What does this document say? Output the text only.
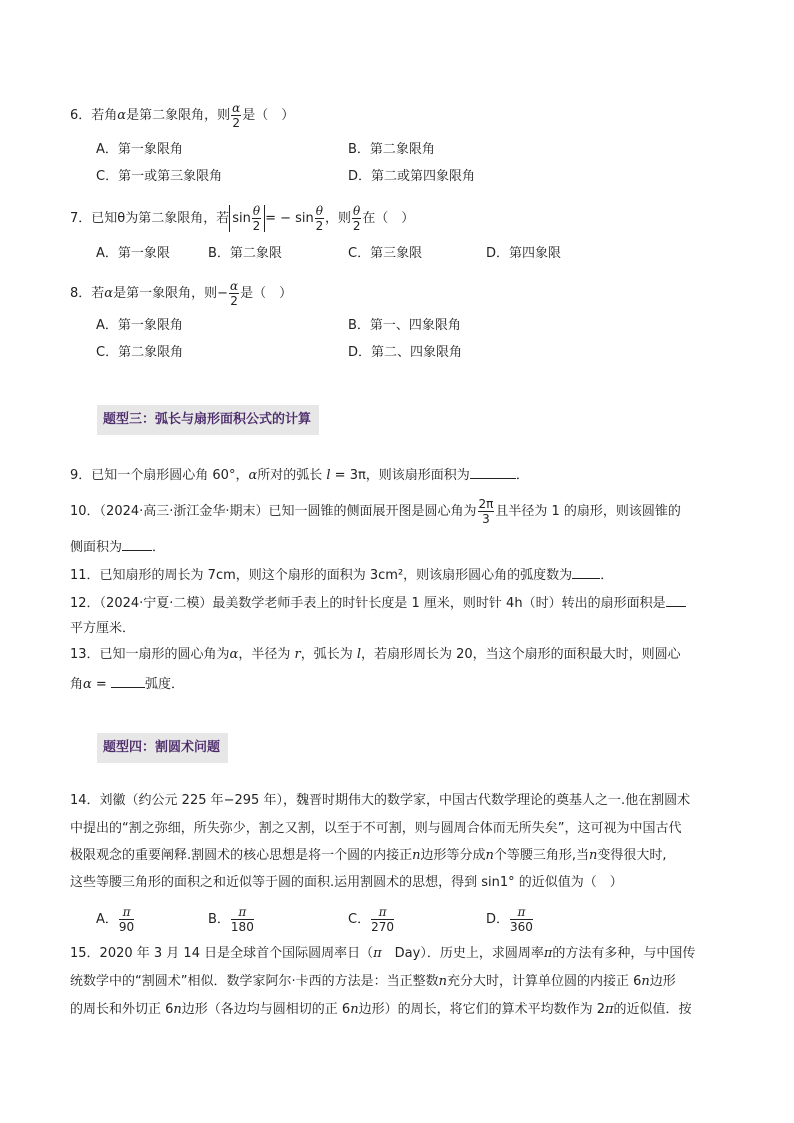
6．若角α是第二象限角，则 $\frac{\alpha}{2}$ 是（　）
A．第一象限角	B．第二象限角
C．第一或第三象限角	D．第二或第四象限角
7．已知θ为第二象限角，若 $\sin \frac{\theta}{2}$ = − $\sin \frac{\theta}{2}$ ，则 $\frac{\theta}{2}$ 在（　）
A．第一象限	B．第二象限	C．第三象限	D．第四象限
8．若α是第一象限角，则− $\frac{\alpha}{2}$ 是（　）
A．第一象限角	B．第一、四象限角
C．第二象限角	D．第二、四象限角
题型三：弧长与扇形面积公式的计算
9．已知一个扇形圆心角 60°，α所对的弧长 l = 3π，则该扇形面积为	．
10．（2024·高三·浙江金华·期末）已知一圆锥的侧面展开图是圆心角为 $\frac{2\pi}{3}$ 且半径为 1 的扇形，则该圆锥的
侧面积为 ．
11．已知扇形的周长为 7cm，则这个扇形的面积为 3cm²，则该扇形圆心角的弧度数为 ．
12．（2024·宁夏·二模）最美数学老师手表上的时针长度是 1 厘米，则时针 4h（时）转出的扇形面积是
平方厘米．
13．已知一扇形的圆心角为α，半径为 r，弧长为 l，若扇形周长为 20，当这个扇形的面积最大时，则圆心
角α =	弧度．
题型四：割圆术问题
14．刘徽（约公元 225 年−295 年），魏晋时期伟大的数学家，中国古代数学理论的奠基人之一.他在割圆术
中提出的“割之弥细，所失弥少，割之又割，以至于不可割，则与圆周合体而无所失矣”，这可视为中国古代
极限观念的重要阐释.割圆术的核心思想是将一个圆的内接正n边形等分成n个等腰三角形,当n变得很大时,
这些等腰三角形的面积之和近似等于圆的面积.运用割圆术的思想，得到 sin1° 的近似值为（　）
A． $\frac{\pi}{90}$	B． $\frac{\pi}{180}$	C． $\frac{\pi}{270}$	D． $\frac{\pi}{360}$
15．2020 年 3 月 14 日是全球首个国际圆周率日（π　Day）．历史上，求圆周率π的方法有多种，与中国传
统数学中的“割圆术”相似．数学家阿尔·卡西的方法是：当正整数n充分大时，计算单位圆的内接正 6n边形
的周长和外切正 6n边形（各边均与圆相切的正 6n边形）的周长，将它们的算术平均数作为 2π的近似值．按
